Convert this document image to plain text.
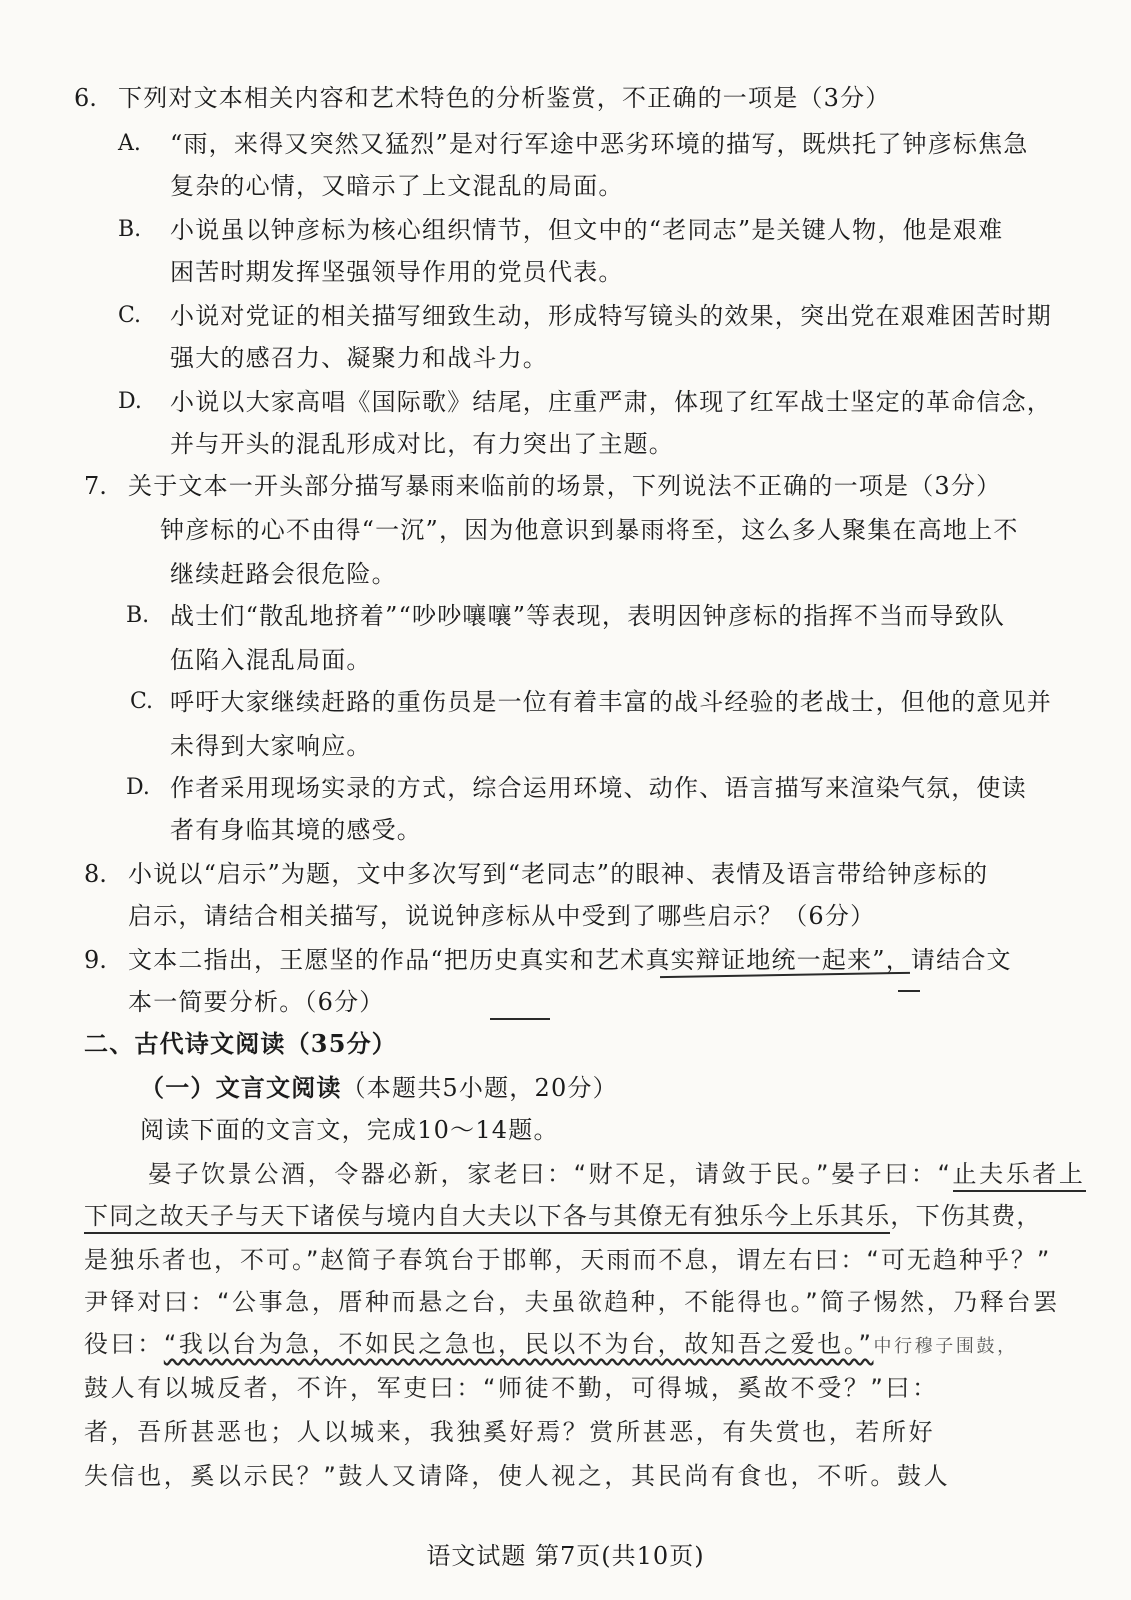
6. 下列对文本相关内容和艺术特色的分析鉴赏，不正确的一项是（3分）
A. “雨，来得又突然又猛烈”是对行军途中恶劣环境的描写，既烘托了钟彦标焦急
复杂的心情，又暗示了上文混乱的局面。
B. 小说虽以钟彦标为核心组织情节，但文中的“老同志”是关键人物，他是艰难
困苦时期发挥坚强领导作用的党员代表。
C. 小说对党证的相关描写细致生动，形成特写镜头的效果，突出党在艰难困苦时期
强大的感召力、凝聚力和战斗力。
D. 小说以大家高唱《国际歌》结尾，庄重严肃，体现了红军战士坚定的革命信念，
并与开头的混乱形成对比，有力突出了主题。
7. 关于文本一开头部分描写暴雨来临前的场景，下列说法不正确的一项是（3分）
钟彦标的心不由得“一沉”，因为他意识到暴雨将至，这么多人聚集在高地上不
继续赶路会很危险。
B. 战士们“散乱地挤着”“吵吵嚷嚷”等表现，表明因钟彦标的指挥不当而导致队
伍陷入混乱局面。
C. 呼吁大家继续赶路的重伤员是一位有着丰富的战斗经验的老战士，但他的意见并
未得到大家响应。
D. 作者采用现场实录的方式，综合运用环境、动作、语言描写来渲染气氛，使读
者有身临其境的感受。
8. 小说以“启示”为题，文中多次写到“老同志”的眼神、表情及语言带给钟彦标的
启示，请结合相关描写，说说钟彦标从中受到了哪些启示？（6分）
9. 文本二指出，王愿坚的作品“把历史真实和艺术真实辩证地统一起来”，请结合文
本一简要分析。（6分）
二、古代诗文阅读（35分）
（一）文言文阅读（本题共5小题，20分）
阅读下面的文言文，完成10～14题。
晏子饮景公酒，令器必新，家老曰：“财不足，请敛于民。”晏子曰：“止夫乐者上
下同之故天子与天下诸侯与境内自大夫以下各与其僚无有独乐今上乐其乐，下伤其费，
是独乐者也，不可。”赵简子春筑台于邯郸，天雨而不息，谓左右曰：“可无趋种乎？”
尹铎对曰：“公事急，厝种而悬之台，夫虽欲趋种，不能得也。”简子惕然，乃释台罢
役曰：“我以台为急，不如民之急也，民以不为台，故知吾之爱也。”中行穆子围鼓，
鼓人有以城反者，不许，军吏曰：“师徒不勤，可得城，奚故不受？”曰：
者，吾所甚恶也；人以城来，我独奚好焉？赏所甚恶，有失赏也，若所好
失信也，奚以示民？”鼓人又请降，使人视之，其民尚有食也，不听。鼓人
语文试题 第7页(共10页)
